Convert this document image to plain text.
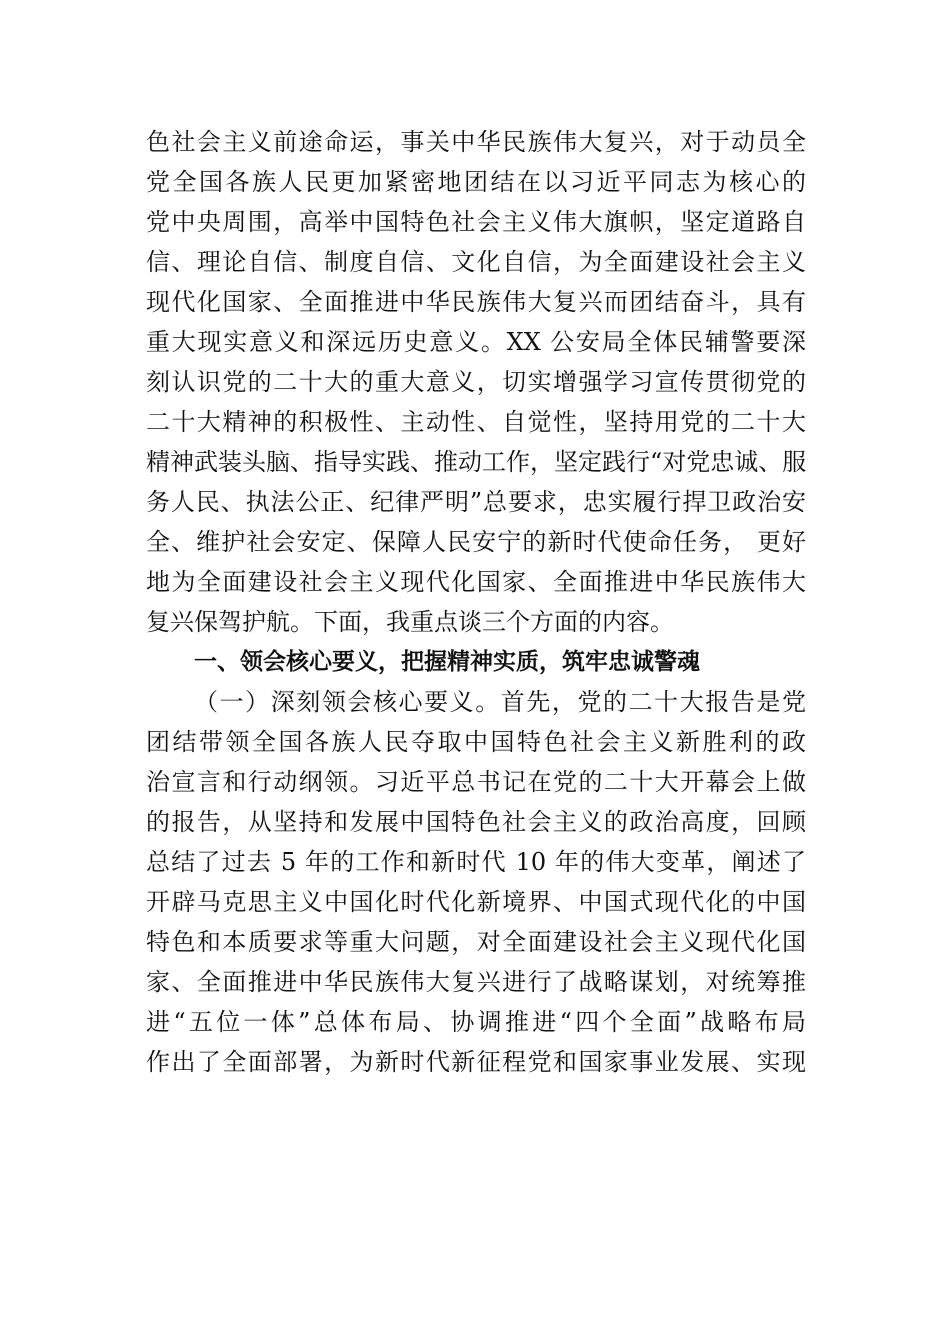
色社会主义前途命运，事关中华民族伟大复兴，对于动员全
党全国各族人民更加紧密地团结在以习近平同志为核心的
党中央周围，高举中国特色社会主义伟大旗帜，坚定道路自
信、理论自信、制度自信、文化自信，为全面建设社会主义
现代化国家、全面推进中华民族伟大复兴而团结奋斗，具有
重大现实意义和深远历史意义。XX 公安局全体民辅警要深
刻认识党的二十大的重大意义，切实增强学习宣传贯彻党的
二十大精神的积极性、主动性、自觉性，坚持用党的二十大
精神武装头脑、指导实践、推动工作，坚定践行“对党忠诚、服
务人民、执法公正、纪律严明”总要求，忠实履行捍卫政治安
全、维护社会安定、保障人民安宁的新时代使命任务， 更好
地为全面建设社会主义现代化国家、全面推进中华民族伟大
复兴保驾护航。下面，我重点谈三个方面的内容。
一、领会核心要义，把握精神实质，筑牢忠诚警魂
（一）深刻领会核心要义。首先，党的二十大报告是党
团结带领全国各族人民夺取中国特色社会主义新胜利的政
治宣言和行动纲领。习近平总书记在党的二十大开幕会上做
的报告，从坚持和发展中国特色社会主义的政治高度，回顾
总结了过去 5 年的工作和新时代 10 年的伟大变革，阐述了
开辟马克思主义中国化时代化新境界、中国式现代化的中国
特色和本质要求等重大问题，对全面建设社会主义现代化国
家、全面推进中华民族伟大复兴进行了战略谋划，对统筹推
进“五位一体”总体布局、协调推进“四个全面”战略布局
作出了全面部署，为新时代新征程党和国家事业发展、实现
